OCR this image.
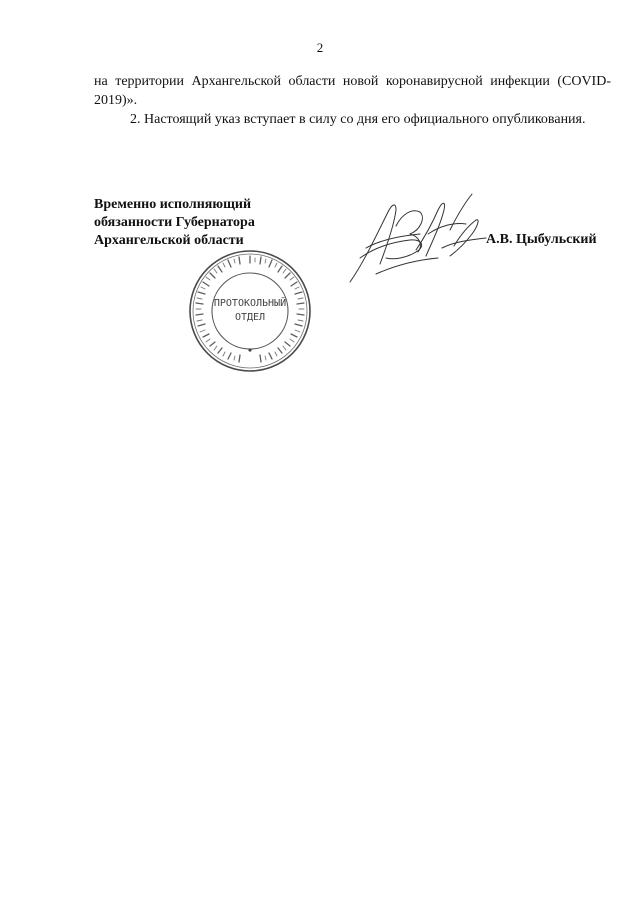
2
на территории Архангельской области новой коронавирусной инфекции (COVID-2019)».
2. Настоящий указ вступает в силу со дня его официального опубликования.
Временно исполняющий
обязанности Губернатора
Архангельской области
ПРОТОКОЛЬНЫЙ
ОТДЕЛ
А.В. Цыбульский
